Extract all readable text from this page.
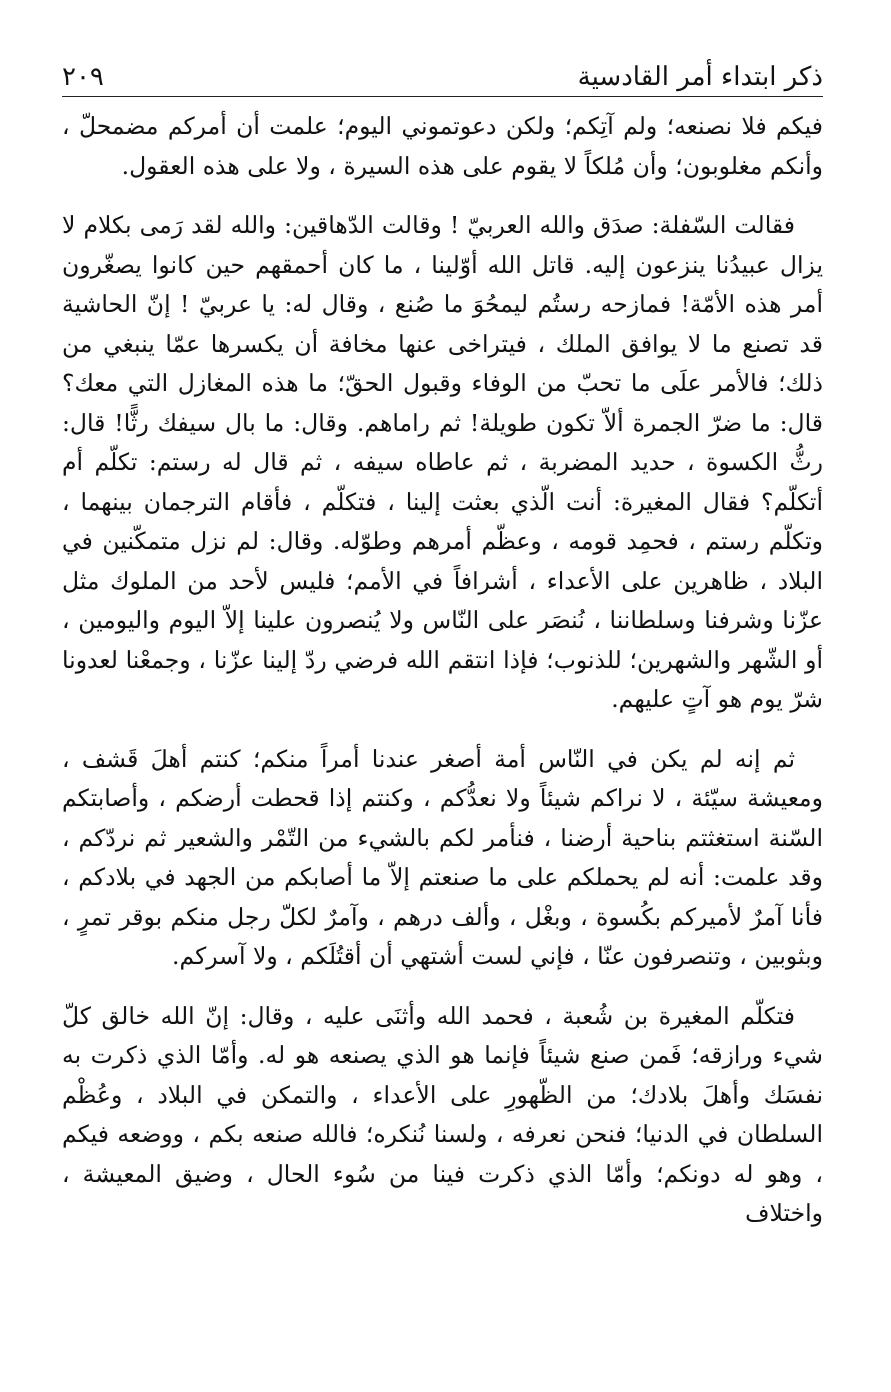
ذكر ابتداء أمر القادسية
٢٠٩

فيكم فلا نصنعه؛ ولم آتِكم؛ ولكن دعوتموني اليوم؛ علمت أن أمركم مضمحلّ ، وأنكم مغلوبون؛ وأن مُلكاً لا يقوم على هذه السيرة ، ولا على هذه العقول.

فقالت السّفلة: صدَق والله العربيّ ! وقالت الدّهاقين: والله لقد رَمى بكلام لا يزال عبيدُنا ينزعون إليه. قاتل الله أوّلينا ، ما كان أحمقهم حين كانوا يصغّرون أمر هذه الأمّة! فمازحه رستُم ليمحُوَ ما صُنع ، وقال له: يا عربيّ ! إنّ الحاشية قد تصنع ما لا يوافق الملك ، فيتراخى عنها مخافة أن يكسرها عمّا ينبغي من ذلك؛ فالأمر علَى ما تحبّ من الوفاء وقبول الحقّ؛ ما هذه المغازل التي معك؟ قال: ما ضرّ الجمرة ألاّ تكون طويلة! ثم راماهم. وقال: ما بال سيفك رثًّا! قال: رثُّ الكسوة ، حديد المضربة ، ثم عاطاه سيفه ، ثم قال له رستم: تكلّم أم أتكلّم؟ فقال المغيرة: أنت الّذي بعثت إلينا ، فتكلّم ، فأقام الترجمان بينهما ، وتكلّم رستم ، فحمِد قومه ، وعظّم أمرهم وطوّله. وقال: لم نزل متمكّنين في البلاد ، ظاهرين على الأعداء ، أشرافاً في الأمم؛ فليس لأحد من الملوك مثل عزّنا وشرفنا وسلطاننا ، نُنصَر على النّاس ولا يُنصرون علينا إلاّ اليوم واليومين ، أو الشّهر والشهرين؛ للذنوب؛ فإذا انتقم الله فرضي ردّ إلينا عزّنا ، وجمعْنا لعدونا شرّ يوم هو آتٍ عليهم.

ثم إنه لم يكن في النّاس أمة أصغر عندنا أمراً منكم؛ كنتم أهلَ قَشف ، ومعيشة سيّئة ، لا نراكم شيئاً ولا نعدُّكم ، وكنتم إذا قحطت أرضكم ، وأصابتكم السّنة استغثتم بناحية أرضنا ، فنأمر لكم بالشيء من التّمْر والشعير ثم نردّكم ، وقد علمت: أنه لم يحملكم على ما صنعتم إلاّ ما أصابكم من الجهد في بلادكم ، فأنا آمرٌ لأميركم بكُسوة ، وبغْل ، وألف درهم ، وآمرٌ لكلّ رجل منكم بوقر تمرٍ ، وبثوبين ، وتنصرفون عنّا ، فإني لست أشتهي أن أقتُلَكم ، ولا آسركم.

فتكلّم المغيرة بن شُعبة ، فحمد الله وأثنَى عليه ، وقال: إنّ الله خالق كلّ شيء ورازقه؛ فَمن صنع شيئاً فإنما هو الذي يصنعه هو له. وأمّا الذي ذكرت به نفسَك وأهلَ بلادك؛ من الظّهورِ على الأعداء ، والتمكن في البلاد ، وعُظْم السلطان في الدنيا؛ فنحن نعرفه ، ولسنا نُنكره؛ فالله صنعه بكم ، ووضعه فيكم ، وهو له دونكم؛ وأمّا الذي ذكرت فينا من سُوء الحال ، وضيق المعيشة ، واختلاف
